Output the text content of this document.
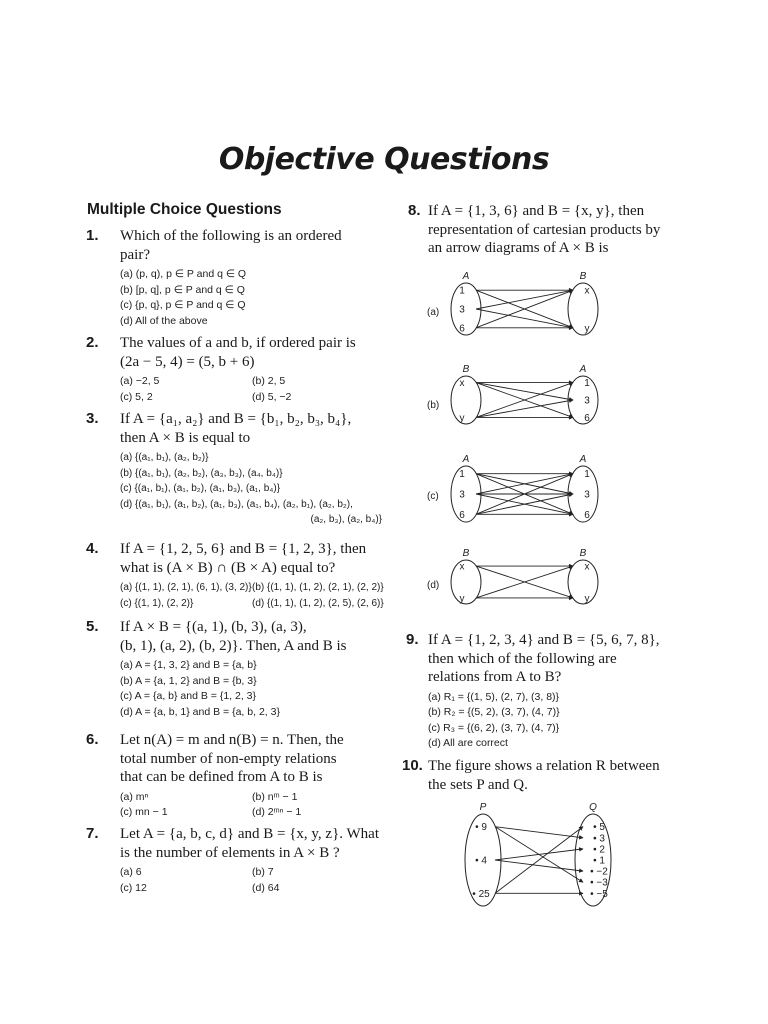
Objective Questions
Multiple Choice Questions
1. Which of the following is an ordered pair?
(a) (p, q), p ∈ P and q ∈ Q
(b) [p, q], p ∈ P and q ∈ Q
(c) {p, q}, p ∈ P and q ∈ Q
(d) All of the above
2. The values of a and b, if ordered pair is
(2a − 5, 4) = (5, b + 6)
(a) −2, 5	(b) 2, 5
(c) 5, 2	(d) 5, −2
3. If A = {a₁, a₂} and B = {b₁, b₂, b₃, b₄},
then A × B is equal to
(a) {(a₁, b₁), (a₂, b₂)}
(b) {(a₁, b₁), (a₂, b₂), (a₃, b₃), (a₄, b₄)}
(c) {(a₁, b₁), (a₁, b₂), (a₁, b₃), (a₁, b₄)}
(d) {(a₁, b₁), (a₁, b₂), (a₁, b₃), (a₁, b₄), (a₂, b₁), (a₂, b₂),
(a₂, b₃), (a₂, b₄)}
4. If A = {1, 2, 5, 6} and B = {1, 2, 3}, then
what is (A × B) ∩ (B × A) equal to?
(a) {(1, 1), (2, 1), (6, 1), (3, 2)} (b) {(1, 1), (1, 2), (2, 1), (2, 2)}
(c) {(1, 1), (2, 2)}	(d) {(1, 1), (1, 2), (2, 5), (2, 6)}
5. If A × B = {(a, 1), (b, 3), (a, 3),
(b, 1), (a, 2), (b, 2)}. Then, A and B is
(a) A = {1, 3, 2} and B = {a, b}
(b) A = {a, 1, 2} and B = {b, 3}
(c) A = {a, b} and B = {1, 2, 3}
(d) A = {a, b, 1} and B = {a, b, 2, 3}
6. Let n(A) = m and n(B) = n. Then, the
total number of non-empty relations
that can be defined from A to B is
(a) mⁿ	(b) nᵐ − 1
(c) mn − 1	(d) 2ᵐⁿ − 1
7. Let A = {a, b, c, d} and B = {x, y, z}. What
is the number of elements in A × B ?
(a) 6	(b) 7
(c) 12	(d) 64
8. If A = {1, 3, 6} and B = {x, y}, then
representation of cartesian products by
an arrow diagrams of A × B is
(a)
(b)
(c)
(d)
A	B
1
3
6
x
y
B	A
x
y
1
3
6
A	A
1
3
6
1
3
6
B	B
x
y
x
y
P	Q
• 9
• 4
• 25
• 5
• 3
• 2
• 1
• −2
• −3
• −5
9. If A = {1, 2, 3, 4} and B = {5, 6, 7, 8},
then which of the following are
relations from A to B?
(a) R₁ = {(1, 5), (2, 7), (3, 8)}
(b) R₂ = {(5, 2), (3, 7), (4, 7)}
(c) R₃ = {(6, 2), (3, 7), (4, 7)}
(d) All are correct
10. The figure shows a relation R between
the sets P and Q.
